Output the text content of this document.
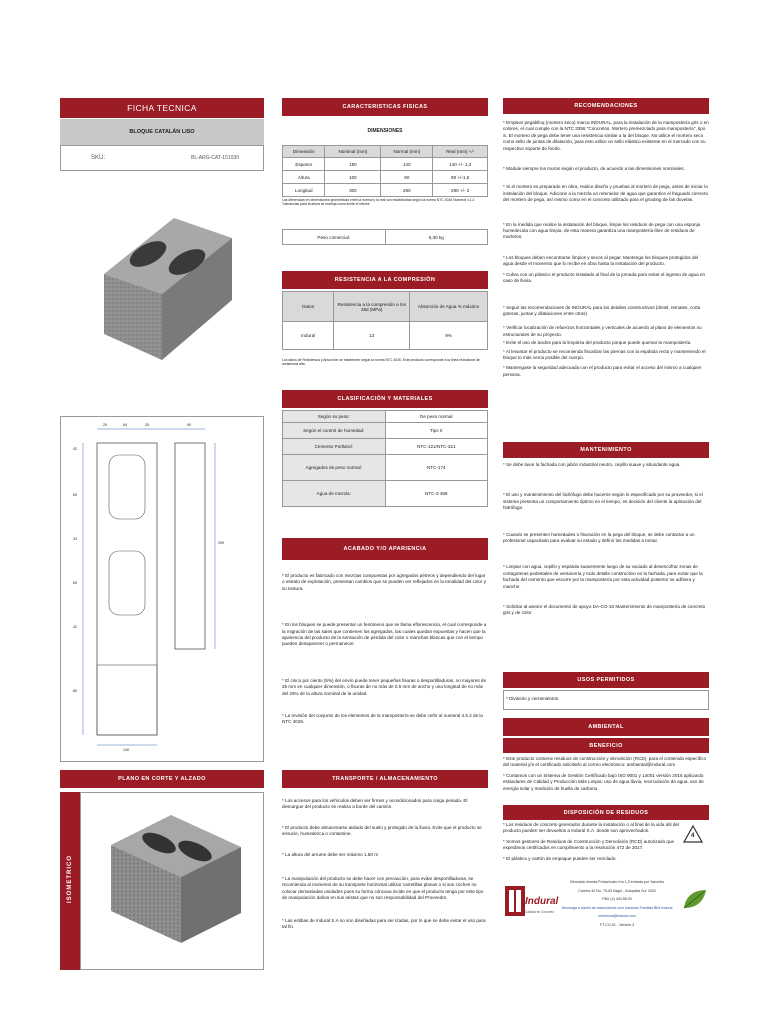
FICHA TECNICA
BLOQUE CATALÁN LISO
SKU:	BL-ARG-CAT-151030
25	64	25	90
42
69
33
69
42
290
80
140
PLANO EN CORTE Y ALZADO
ISOMETRICO
CARACTERISTICAS FISICAS
DIMENSIONES
Dimensión	Nominal (mm)	Normal (mm)	Real (mm) +/-
Espesor	150	140	140 +/- 1,4
Altura	100	90	90 +/-1,5
Longitud	300	290	290 +/- 2
Las diferencias en dimensiones geométricas entre la normal y la real son establecidas según la norma NTC 4026 Numeral 4.1.2 Tolerancias para la altura se maneja como límite el inferior.
Peso comercial:	5,30 kg
RESISTENCIA A LA COMPRESIÓN
Datos	Resistencia a la compresión a los 28d (MPa)	Absorción de Agua % máximo
Indural	13	9%
Los datos de Resistencia y Absorción se establecen según la norma NTC 4026. Este producto corresponde a la línea estructural de resistencia alta.
CLASIFICACIÓN Y MATERIALES
Según su peso:	De peso normal
Según el control de humedad:	Tipo II
Cemento Portland:	NTC-121/NTC-321
Agregados de peso normal:	NTC-174
Agua de mezcla:	NTC-3 459
ACABADO Y/O APARIENCIA

* El producto es fabricado con mezclas compuestas por agregados pétreos y dependiendo del lugar o estrato de explotación, presentan cambios que se pueden ver reflejados en la tonalidad del color y su textura.

* En los bloques se puede presentar un fenómeno que se llama eflorescencia, el cual corresponde a la migración de las sales que contienen los agregados, las cuales quedan expuestas y hacen que la apariencia del producto de la sensación de pérdida del color o manchas blancas que con el tiempo pueden desaparecer o permanecer.

* El cinco por ciento (5%) del envío puede tener pequeñas fisuras o desportilladuras, no mayores de 25 mm en cualquier dimensión, o fisuras de no más de 0.5 mm de ancho y una longitud de no más del 25% de la altura nominal de la unidad.

* La revisión del conjunto de los elementos de la mampostería se debe ceñir al numeral 4.6.2 de la NTC 4026.

TRANSPORTE / ALMACENAMIENTO

* Los accesos para los vehículos deben ser firmes y acondicionados para carga pesada. El descargue del producto se realiza a borde del camión.

* El producto debe almacenarse aislado del suelo y protegido de la lluvia. Evite que el producto se ensucie, humedezca o contamine.

* La altura del arrume debe ser máximo 1.50 m

* La manipulación del producto se debe hacer con precaución, para evitar desportilladuras, se recomienda al momento de su transporte horizontal utilizar carretillas planas o si son coches no colocar demasiadas unidades pues su forma cóncava incide en que el producto tenga por este tipo de manipulación daños en sus aristas que no son responsabilidad del Proveedor.

* Las estibas de Indural S.A no son diseñadas para ser izadas, por lo que se debe evitar el uso para tal fin.

RECOMENDACIONES

* Emplear pegablloq (mortero seco) marca INDURAL, para la instalación de la mampostería gris o en colores, el cual cumple con la NTC 3356 "Concretos. Mortero premezclado para mampostería", tipo S. El mortero de pega debe tener una resistencia similar a la del bloque. No utilice el mortero seco como sello de juntas de dilatación, para esto utilice un sello elástico existente en el mercado con su respectivo soporte de fondo.

* Module siempre los muros según el producto, de acuerdo a las dimensiones nominales.

* Si el mortero es preparado en obra, realice diseño y pruebas al mortero de pega, antes de iniciar la instalación del bloque. Adicione a la mezcla un retenedor de agua que garantice el fraguado correcto del mortero de pega, así mismo como en el concreto utilizado para el grouting de las dovelas.

* En la medida que realice la instalación del bloque, limpie los residuos de pega con una esponja humedecida con agua limpia, de esta manera garantiza una mampostería libre de residuos de morteros.

* Los bloques deben encontrarse limpios y secos al pegar. Mantenga los bloques protegidos del agua desde el momento que lo recibe en obra hasta la instalación del producto.

* Cubra con un plástico el producto instalado al final de la jornada para evitar el ingreso de agua en caso de lluvia.

* Seguir las recomendaciones de INDURAL para los detalles constructivos (dintel, remates, corta goteras, juntas y dilataciones entre otros)

* Verificar localización de refuerzos horizontales y verticales de acuerdo al plano de elementos no estructurales de su proyecto.

* Evite el uso de ácidos para la limpieza del producto porque puede quemar la mampostería.

* Al levantar el producto se recomienda fiscalizar las piernas con la espátula recta y manteniendo el bloque lo más cerca posible del cuerpo.

* Mantengase la seguridad adecuada con el producto para evitar el acceso del mismo a cualquier persona.

MANTENIMIENTO

* Se debe lavar la fachada con jabón industrial neutro, cepillo suave y abundante agua.

* El uso y mantenimiento del hidrófugo debe hacerse según lo especificado por su proveedor, si el sistema presenta un comportamiento óptimo en el tiempo, es decisión del cliente la aplicación del hidrófugo.

* Cuando se presenten humedades o fisuración en la pega del bloque, se debe contactar a un profesional capacitado para evaluar su estado y definir las medidas a tomar.

* Limpiar con agua, cepillo y espátula suavemente luego de su vaciado al desencofrar zonas de cortagoteras pedestales de ventanería y todo detalle constructivo en la fachada, para evitar que la fachada del cemento que escurre por la mampostería por esta actividad posterior se adhiera y manche.

* Solicitar al asesor el documento de apoyo DA-CO-10 Mantenimiento de mampostería de concreto gris y de color

USOS PERMITIDOS
* Divisorio y cerramientos.
AMBIENTAL
BENEFICIO

* Este producto contiene residuos de construcción y demolición (RCD), para el contenido específico del material y/o el certificado solicitarlo al correo electrónico: ambiental@indural.com

* Contamos con un Sistema de Gestión Certificado bajo ISO 9001 y 14001 versión 2015 aplicando estándares de Calidad y Producción Más Limpia: uso de agua lluvia, recirculación de agua, uso de energía solar y medición de huella de carbono.

DISPOSICIÓN DE RESIDUOS

* Los residuos de concreto generados durante la instalación o al final de la vida útil del producto pueden ser devueltos a Indural S.A. donde son aprovechados.

* Somos gestores de Residuos de Construcción y Demolición (RCD) autorizado que expedimos certificados en cumplimiento a la resolución 472 de 2017.

* El plástico y cartón de empaque pueden ser reciclado.

4
Indural
Calidad en Concreto
Girardota Vereda Portachuelo Km 1,3 entrada por Yarumito
Carrera 42 No. 75-83 Itagüí - Autopista Sur 3263
PBX (4) 444 88 00
Descarga a través de www.indural.com nuestras Familias BIM Indural
comercial@indural.com
FT-CO-01 - Versión 3
